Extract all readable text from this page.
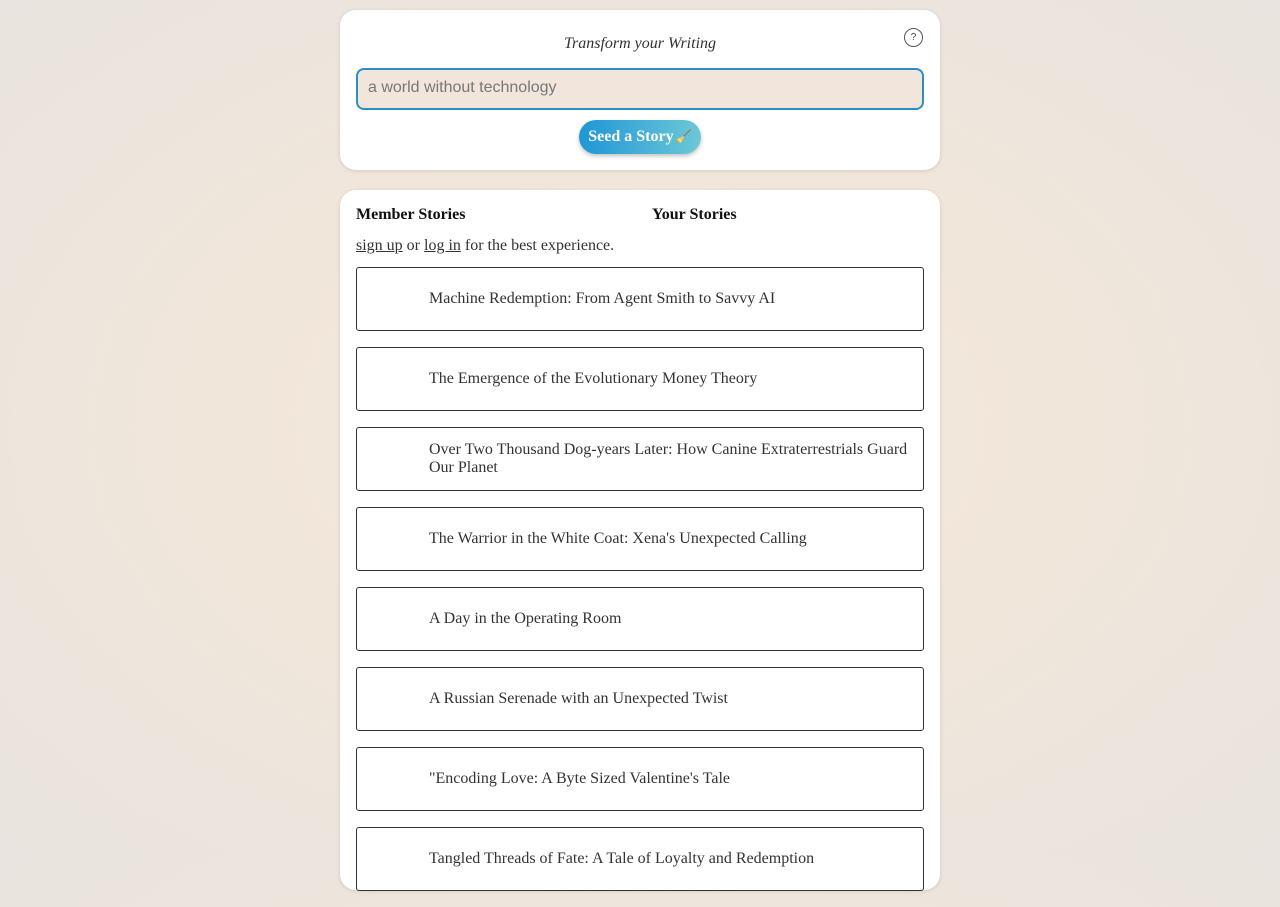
Transform your Writing	?
a world without technology
Seed a Story 🧹
Member Stories	Your Stories
sign up or log in for the best experience.
Machine Redemption: From Agent Smith to Savvy AI
The Emergence of the Evolutionary Money Theory
Over Two Thousand Dog-years Later: How Canine Extraterrestrials Guard Our Planet
The Warrior in the White Coat: Xena's Unexpected Calling
A Day in the Operating Room
A Russian Serenade with an Unexpected Twist
"Encoding Love: A Byte Sized Valentine's Tale
Tangled Threads of Fate: A Tale of Loyalty and Redemption
